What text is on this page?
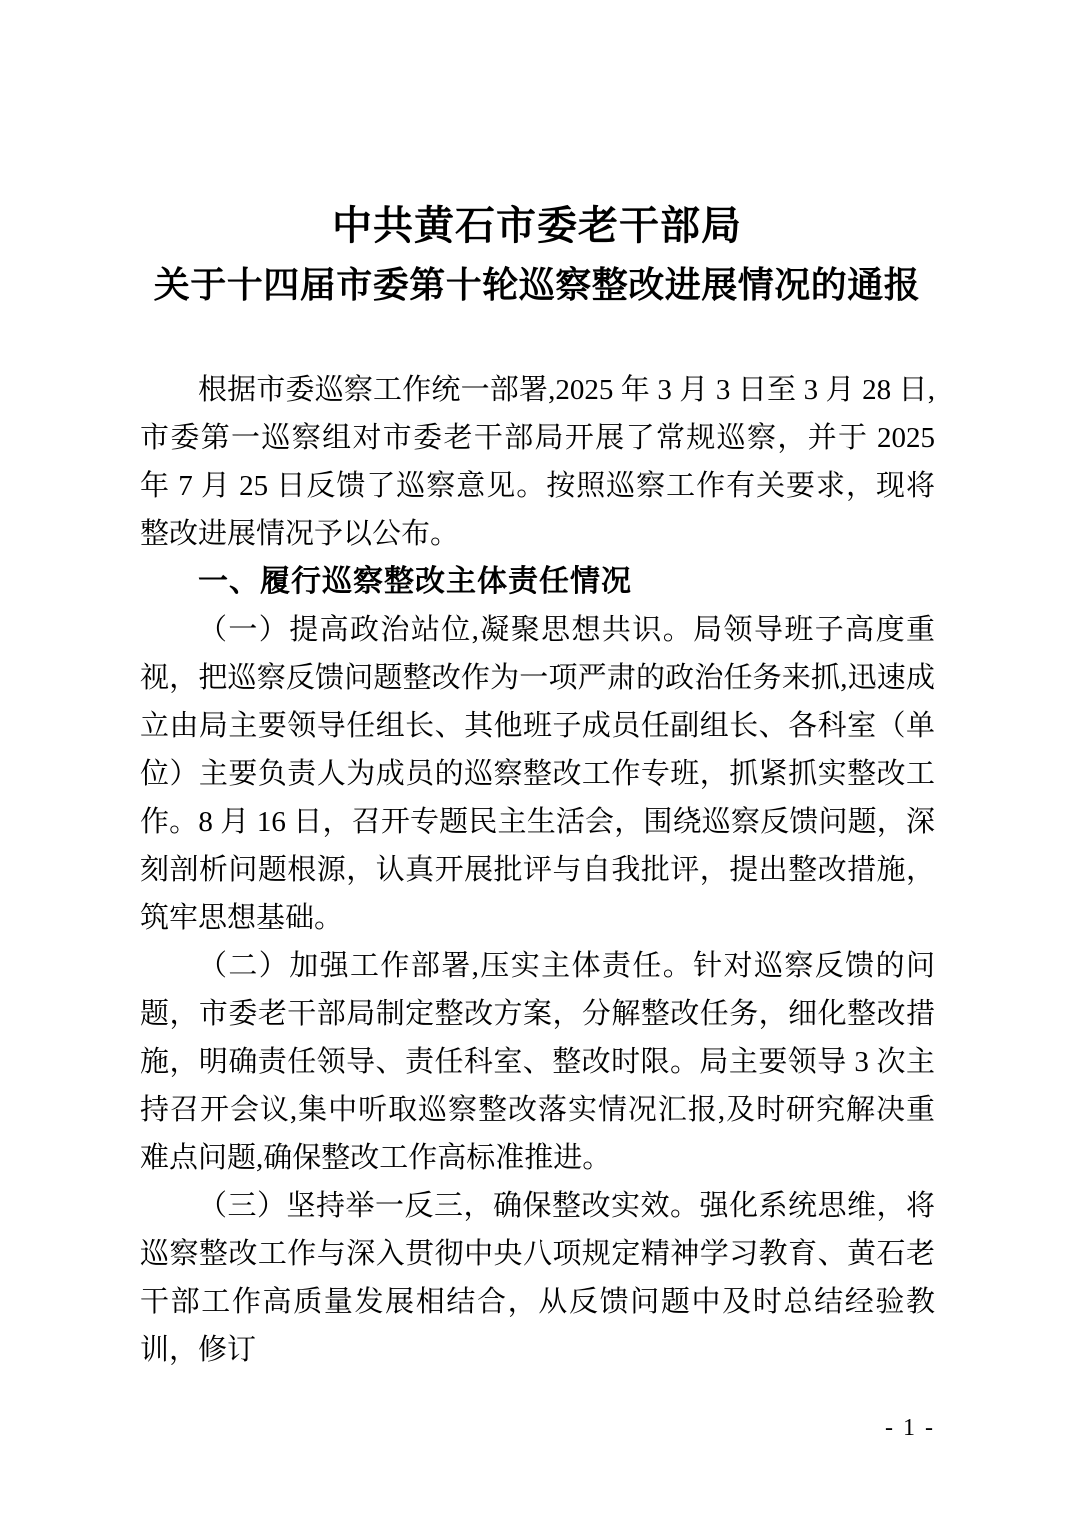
中共黄石市委老干部局
关于十四届市委第十轮巡察整改进展情况的通报

根据市委巡察工作统一部署,2025 年 3 月 3 日至 3 月 28 日,市委第一巡察组对市委老干部局开展了常规巡察，并于 2025 年 7 月 25 日反馈了巡察意见。按照巡察工作有关要求，现将整改进展情况予以公布。

一、履行巡察整改主体责任情况

（一）提高政治站位,凝聚思想共识。局领导班子高度重视，把巡察反馈问题整改作为一项严肃的政治任务来抓,迅速成立由局主要领导任组长、其他班子成员任副组长、各科室（单位）主要负责人为成员的巡察整改工作专班，抓紧抓实整改工作。8 月 16 日，召开专题民主生活会，围绕巡察反馈问题，深刻剖析问题根源，认真开展批评与自我批评，提出整改措施，筑牢思想基础。

（二）加强工作部署,压实主体责任。针对巡察反馈的问题，市委老干部局制定整改方案，分解整改任务，细化整改措施，明确责任领导、责任科室、整改时限。局主要领导 3 次主持召开会议,集中听取巡察整改落实情况汇报,及时研究解决重难点问题,确保整改工作高标准推进。

（三）坚持举一反三，确保整改实效。强化系统思维，将巡察整改工作与深入贯彻中央八项规定精神学习教育、黄石老干部工作高质量发展相结合，从反馈问题中及时总结经验教训，修订

- 1 -
